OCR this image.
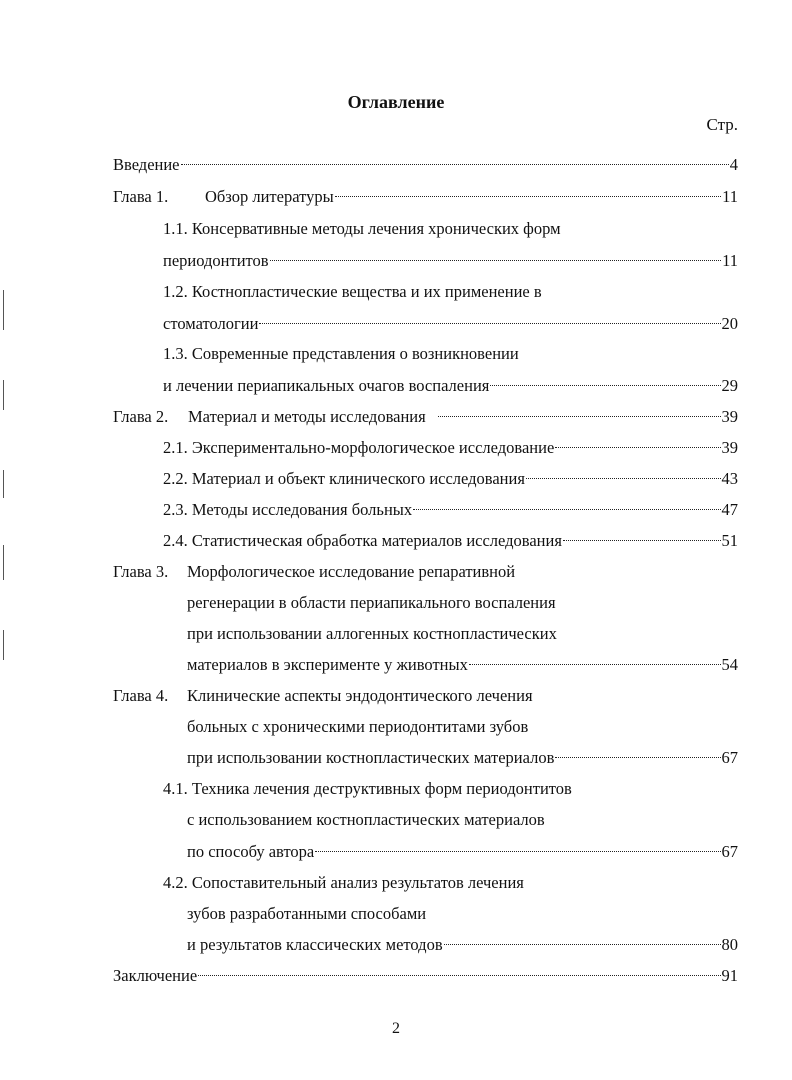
Оглавление
Стр.
Введение	4
Глава 1.	Обзор литературы	11
1.1. Консервативные методы лечения хронических форм
периодонтитов	11
1.2. Костнопластические вещества и их применение в
стоматологии	20
1.3. Современные представления о возникновении
и лечении периапикальных очагов воспаления	29
Глава 2.	Материал и методы исследования	39
2.1. Экспериментально-морфологическое исследование	39
2.2. Материал и объект клинического исследования	43
2.3. Методы исследования больных	47
2.4. Статистическая обработка материалов исследования	51
Глава 3.	Морфологическое исследование репаративной
регенерации в области периапикального воспаления
при использовании аллогенных костнопластических
материалов в эксперименте у животных	54
Глава 4.	Клинические аспекты эндодонтического лечения
больных с хроническими периодонтитами зубов
при использовании костнопластических материалов	67
4.1. Техника лечения деструктивных форм периодонтитов
с использованием костнопластических материалов
по способу автора	67
4.2. Сопоставительный анализ результатов лечения
зубов разработанными способами
и результатов классических методов	80
Заключение	91
2
